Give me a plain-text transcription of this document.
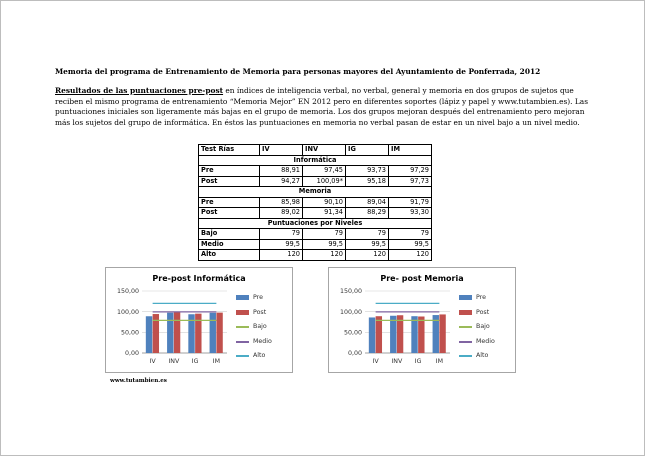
Memoria del programa de Entrenamiento de Memoria para personas mayores del Ayuntamiento de Ponferrada, 2012
Resultados de las puntuaciones pre-post en índices de inteligencia verbal, no verbal, general y memoria en dos grupos de sujetos que reciben el mismo programa de entrenamiento “Memoria Mejor” EN 2012 pero en diferentes soportes (lápiz y papel y www.tutambien.es). Las puntuaciones iniciales son ligeramente más bajas en el grupo de memoria. Los dos grupos mejoran después del entrenamiento pero mejoran más los sujetos del grupo de informática. En éstos las puntuaciones en memoria no verbal pasan de estar en un nivel bajo a un nivel medio.
Test Rías	IV	INV	IG	IM
Informática				
Pre	88,91	97,45	93,73	97,29
Post	94,27	100,09*	95,18	97,73
Memoria				
Pre	85,98	90,10	89,04	91,79
Post	89,02	91,34	88,29	93,30
Puntuaciones por Niveles				
Bajo	79	79	79	79
Medio	99,5	99,5	99,5	99,5
Alto	120	120	120	120
150,00
100,00
50,00
0,00
IV INV IG IM
Pre-post Informática
Pre
Post
Bajo
Medio
Alto
150,00
100,00
50,00
0,00
IV INV IG IM
Pre- post Memoria
Pre
Post
Bajo
Medio
Alto
www.tutambien.es
